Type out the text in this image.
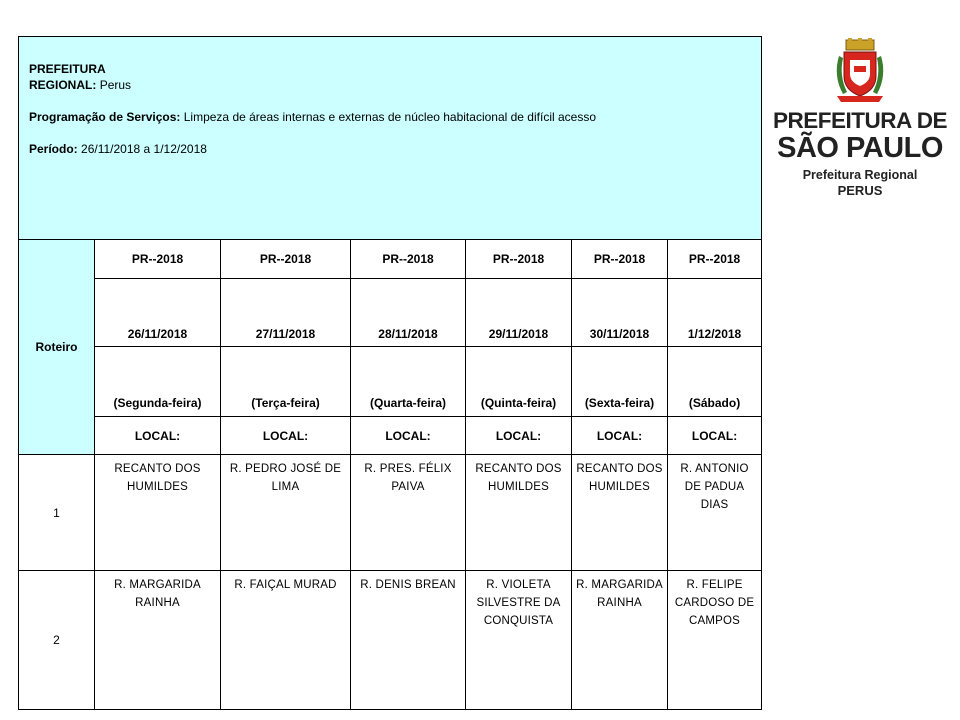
PREFEITURA
REGIONAL: Perus
Programação de Serviços: Limpeza de áreas internas e externas de núcleo habitacional de difícil acesso
Período: 26/11/2018 a 1/12/2018						

Roteiro	PR--2018	PR--2018	PR--2018	PR--2018	PR--2018	PR--2018
	26/11/2018	27/11/2018	28/11/2018	29/11/2018	30/11/2018	1/12/2018
	(Segunda-feira)	(Terça-feira)	(Quarta-feira)	(Quinta-feira)	(Sexta-feira)	(Sábado)
	LOCAL:	LOCAL:	LOCAL:	LOCAL:	LOCAL:	LOCAL:
1	RECANTO DOS HUMILDES	R. PEDRO JOSÉ DE LIMA	R. PRES. FÉLIX PAIVA	RECANTO DOS HUMILDES	RECANTO DOS HUMILDES	R. ANTONIO DE PADUA DIAS
2	R. MARGARIDA RAINHA	R. FAIÇAL MURAD	R. DENIS BREAN	R. VIOLETA SILVESTRE DA CONQUISTA	R. MARGARIDA RAINHA	R. FELIPE CARDOSO DE CAMPOS
PREFEITURA DE
SÃO PAULO
Prefeitura Regional
PERUS
